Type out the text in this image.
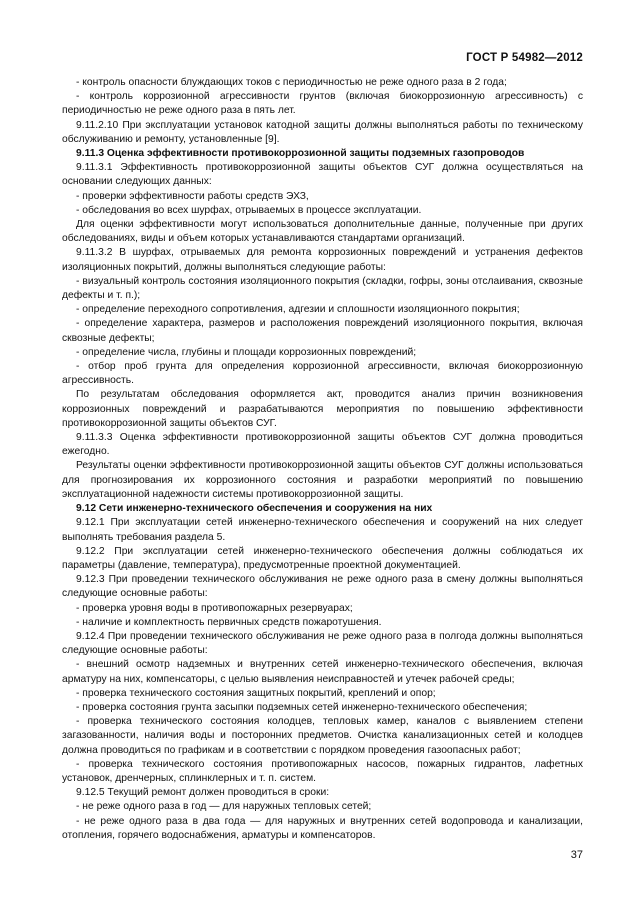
ГОСТ Р 54982—2012

- контроль опасности блуждающих токов с периодичностью не реже одного раза в 2 года;

- контроль коррозионной агрессивности грунтов (включая биокоррозионную агрессивность) с периодичностью не реже одного раза в пять лет.

9.11.2.10 При эксплуатации установок катодной защиты должны выполняться работы по техническому обслуживанию и ремонту, установленные [9].

9.11.3 Оценка эффективности противокоррозионной защиты подземных газопроводов

9.11.3.1 Эффективность противокоррозионной защиты объектов СУГ должна осуществляться на основании следующих данных:

- проверки эффективности работы средств ЭХЗ,

- обследования во всех шурфах, отрываемых в процессе эксплуатации.

Для оценки эффективности могут использоваться дополнительные данные, полученные при других обследованиях, виды и объем которых устанавливаются стандартами организаций.

9.11.3.2 В шурфах, отрываемых для ремонта коррозионных повреждений и устранения дефектов изоляционных покрытий, должны выполняться следующие работы:

- визуальный контроль состояния изоляционного покрытия (складки, гофры, зоны отслаивания, сквозные дефекты и т. п.);

- определение переходного сопротивления, адгезии и сплошности изоляционного покрытия;

- определение характера, размеров и расположения повреждений изоляционного покрытия, включая сквозные дефекты;

- определение числа, глубины и площади коррозионных повреждений;

- отбор проб грунта для определения коррозионной агрессивности, включая биокоррозионную агрессивность.

По результатам обследования оформляется акт, проводится анализ причин возникновения коррозионных повреждений и разрабатываются мероприятия по повышению эффективности противокоррозионной защиты объектов СУГ.

9.11.3.3 Оценка эффективности противокоррозионной защиты объектов СУГ должна проводиться ежегодно.

Результаты оценки эффективности противокоррозионной защиты объектов СУГ должны использоваться для прогнозирования их коррозионного состояния и разработки мероприятий по повышению эксплуатационной надежности системы противокоррозионной защиты.

9.12 Сети инженерно-технического обеспечения и сооружения на них

9.12.1 При эксплуатации сетей инженерно-технического обеспечения и сооружений на них следует выполнять требования раздела 5.

9.12.2 При эксплуатации сетей инженерно-технического обеспечения должны соблюдаться их параметры (давление, температура), предусмотренные проектной документацией.

9.12.3 При проведении технического обслуживания не реже одного раза в смену должны выполняться следующие основные работы:

- проверка уровня воды в противопожарных резервуарах;

- наличие и комплектность первичных средств пожаротушения.

9.12.4 При проведении технического обслуживания не реже одного раза в полгода должны выполняться следующие основные работы:

- внешний осмотр надземных и внутренних сетей инженерно-технического обеспечения, включая арматуру на них, компенсаторы, с целью выявления неисправностей и утечек рабочей среды;

- проверка технического состояния защитных покрытий, креплений и опор;

- проверка состояния грунта засыпки подземных сетей инженерно-технического обеспечения;

- проверка технического состояния колодцев, тепловых камер, каналов с выявлением степени загазованности, наличия воды и посторонних предметов. Очистка канализационных сетей и колодцев должна проводиться по графикам и в соответствии с порядком проведения газоопасных работ;

- проверка технического состояния противопожарных насосов, пожарных гидрантов, лафетных установок, дренчерных, сплинклерных и т. п. систем.

9.12.5 Текущий ремонт должен проводиться в сроки:

- не реже одного раза в год — для наружных тепловых сетей;

- не реже одного раза в два года — для наружных и внутренних сетей водопровода и канализации, отопления, горячего водоснабжения, арматуры и компенсаторов.

37
